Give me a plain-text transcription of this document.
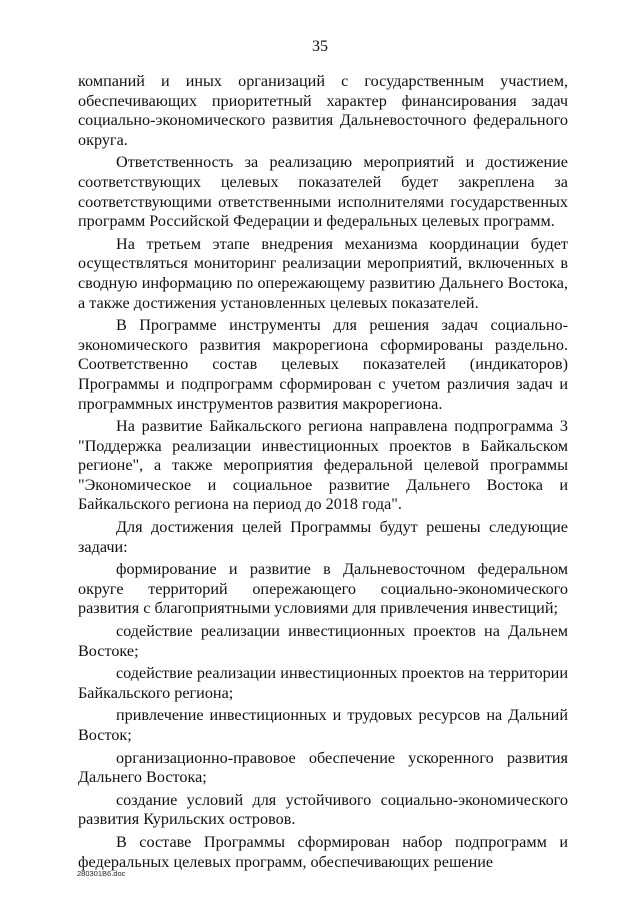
35

компаний и иных организаций с государственным участием, обеспечивающих приоритетный характер финансирования задач социально-экономического развития Дальневосточного федерального округа.

Ответственность за реализацию мероприятий и достижение соответствующих целевых показателей будет закреплена за соответствующими ответственными исполнителями государственных программ Российской Федерации и федеральных целевых программ.

На третьем этапе внедрения механизма координации будет осуществляться мониторинг реализации мероприятий, включенных в сводную информацию по опережающему развитию Дальнего Востока, а также достижения установленных целевых показателей.

В Программе инструменты для решения задач социально-экономического развития макрорегиона сформированы раздельно. Соответственно состав целевых показателей (индикаторов) Программы и подпрограмм сформирован с учетом различия задач и программных инструментов развития макрорегиона.

На развитие Байкальского региона направлена подпрограмма 3 "Поддержка реализации инвестиционных проектов в Байкальском регионе", а также мероприятия федеральной целевой программы "Экономическое и социальное развитие Дальнего Востока и Байкальского региона на период до 2018 года".

Для достижения целей Программы будут решены следующие задачи:

формирование и развитие в Дальневосточном федеральном округе территорий опережающего социально-экономического развития с благоприятными условиями для привлечения инвестиций;

содействие реализации инвестиционных проектов на Дальнем Востоке;

содействие реализации инвестиционных проектов на территории Байкальского региона;

привлечение инвестиционных и трудовых ресурсов на Дальний Восток;

организационно-правовое обеспечение ускоренного развития Дальнего Востока;

создание условий для устойчивого социально-экономического развития Курильских островов.

В составе Программы сформирован набор подпрограмм и федеральных целевых программ, обеспечивающих решение

280301B6.doc
